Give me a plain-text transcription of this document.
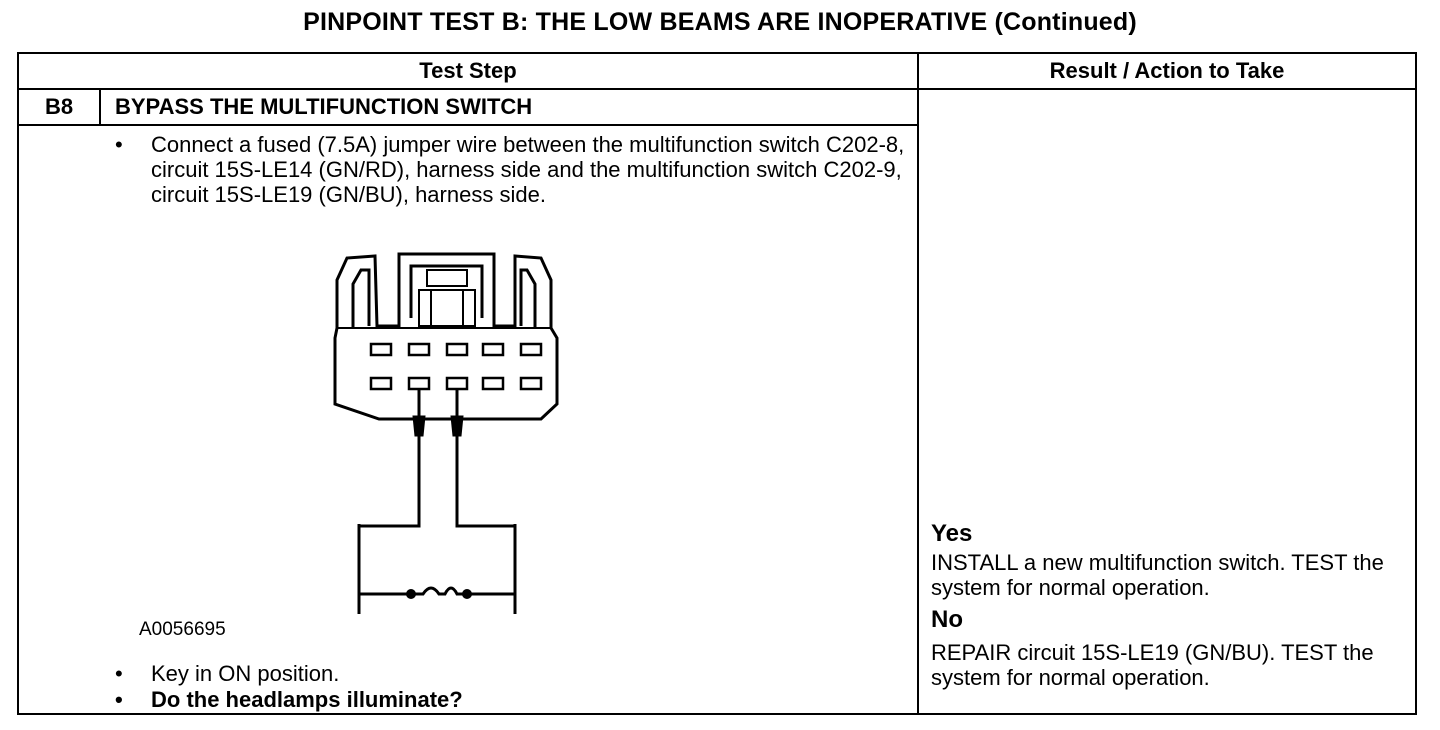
PINPOINT TEST B: THE LOW BEAMS ARE INOPERATIVE (Continued)
Test Step	Result / Action to Take
B8	BYPASS THE MULTIFUNCTION SWITCH
• Connect a fused (7.5A) jumper wire between the multifunction switch C202-8, circuit 15S-LE14 (GN/RD), harness side and the multifunction switch C202-9, circuit 15S-LE19 (GN/BU), harness side.
A0056695
• Key in ON position.
• Do the headlamps illuminate?
Yes
INSTALL a new multifunction switch. TEST the system for normal operation.
No
REPAIR circuit 15S-LE19 (GN/BU). TEST the system for normal operation.
